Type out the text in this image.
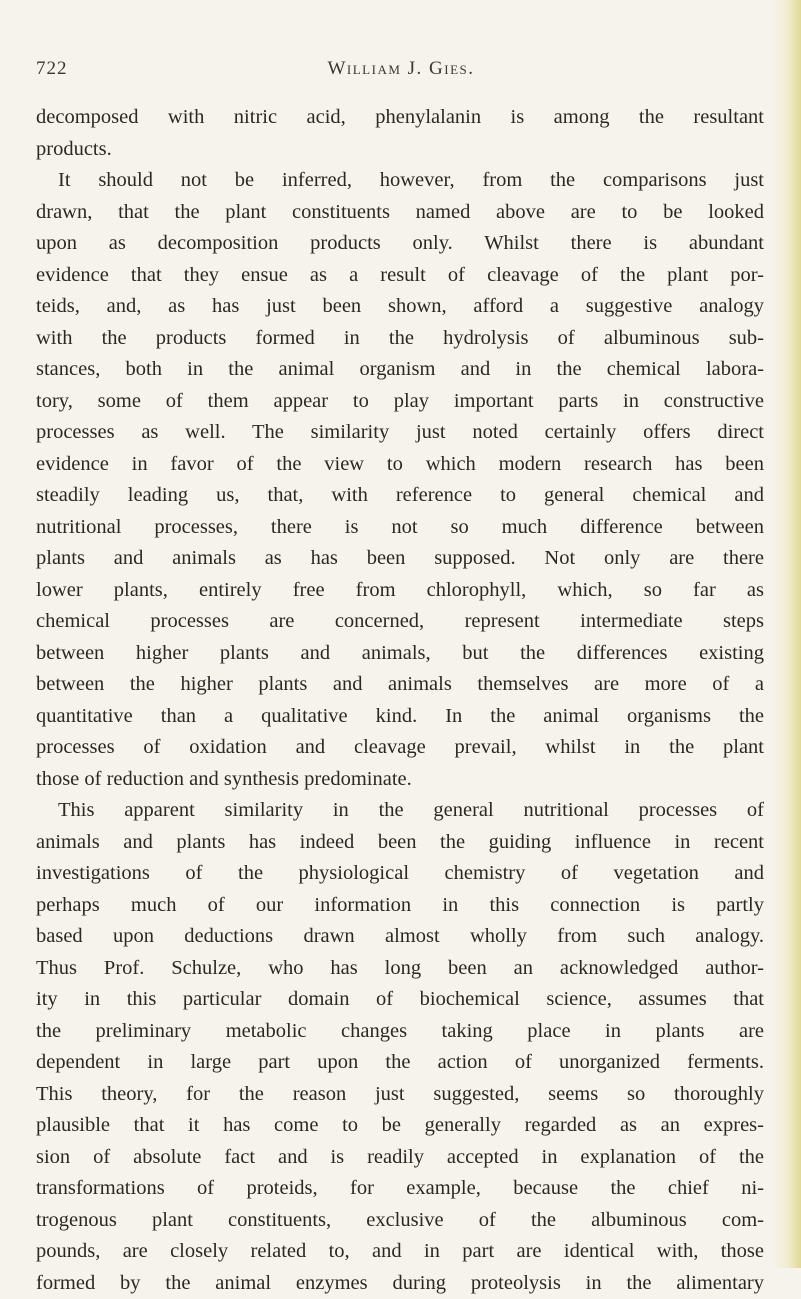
722	William J. Gies.
decomposed with nitric acid, phenylalanin is among the resultant
products.
It should not be inferred, however, from the comparisons just
drawn, that the plant constituents named above are to be looked
upon as decomposition products only. Whilst there is abundant
evidence that they ensue as a result of cleavage of the plant por-
teids, and, as has just been shown, afford a suggestive analogy
with the products formed in the hydrolysis of albuminous sub-
stances, both in the animal organism and in the chemical labora-
tory, some of them appear to play important parts in constructive
processes as well. The similarity just noted certainly offers direct
evidence in favor of the view to which modern research has been
steadily leading us, that, with reference to general chemical and
nutritional processes, there is not so much difference between
plants and animals as has been supposed. Not only are there
lower plants, entirely free from chlorophyll, which, so far as
chemical processes are concerned, represent intermediate steps
between higher plants and animals, but the differences existing
between the higher plants and animals themselves are more of a
quantitative than a qualitative kind. In the animal organisms the
processes of oxidation and cleavage prevail, whilst in the plant
those of reduction and synthesis predominate.
This apparent similarity in the general nutritional processes of
animals and plants has indeed been the guiding influence in recent
investigations of the physiological chemistry of vegetation and
perhaps much of our information in this connection is partly
based upon deductions drawn almost wholly from such analogy.
Thus Prof. Schulze, who has long been an acknowledged author-
ity in this particular domain of biochemical science, assumes that
the preliminary metabolic changes taking place in plants are
dependent in large part upon the action of unorganized ferments.
This theory, for the reason just suggested, seems so thoroughly
plausible that it has come to be generally regarded as an expres-
sion of absolute fact and is readily accepted in explanation of the
transformations of proteids, for example, because the chief ni-
trogenous plant constituents, exclusive of the albuminous com-
pounds, are closely related to, and in part are identical with, those
formed by the animal enzymes during proteolysis in the alimentary
